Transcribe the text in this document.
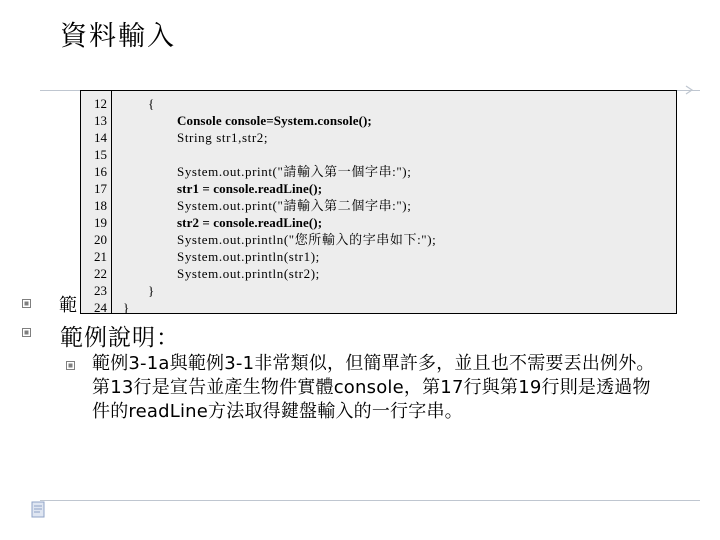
資料輸入
12
13
14
15
16
17
18
19
20
21
22
23
24
{
Console console=System.console();
String str1,str2;
System.out.print("請輸入第一個字串:");
str1 = console.readLine();
System.out.print("請輸入第二個字串:");
str2 = console.readLine();
System.out.println("您所輸入的字串如下:");
System.out.println(str1);
System.out.println(str2);
}
}
範
範例說明：
範例3-1a與範例3-1非常類似，但簡單許多，並且也不需要丟出例外。
第13行是宣告並產生物件實體console，第17行與第19行則是透過物
件的readLine方法取得鍵盤輸入的一行字串。
